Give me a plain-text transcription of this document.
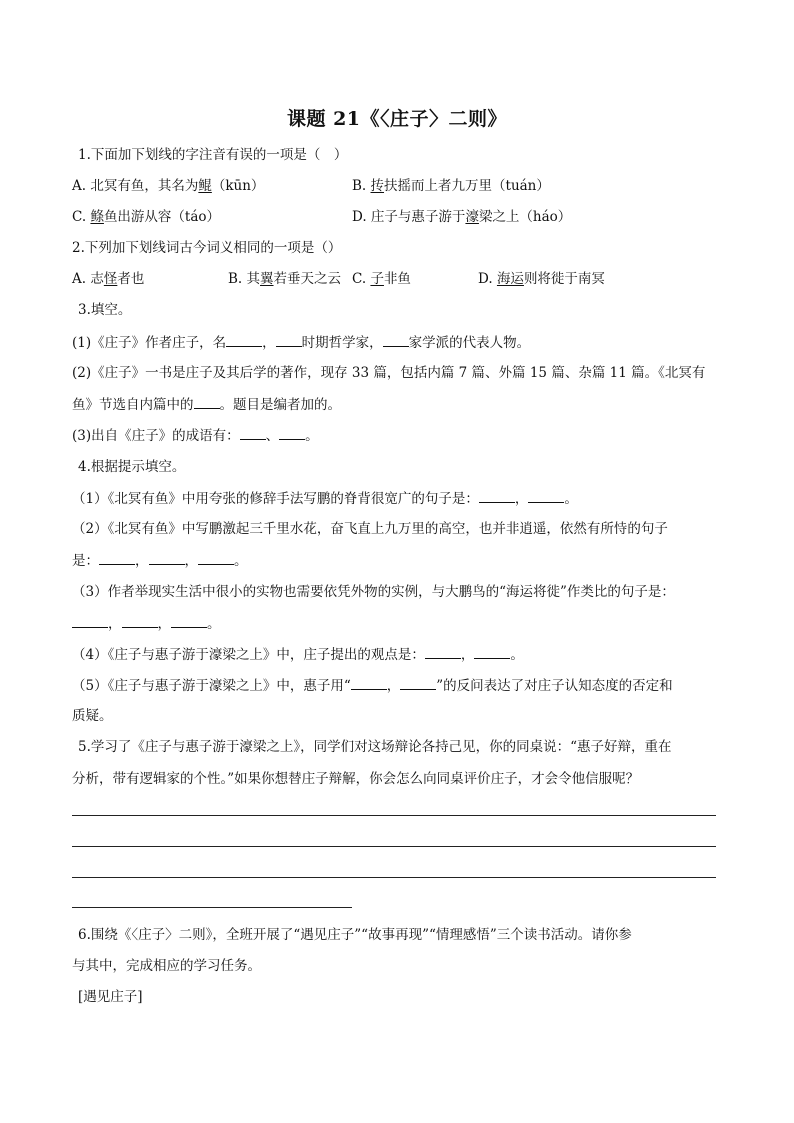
课题 21《〈庄子〉二则》
1.下面加下划线的字注音有误的一项是（　）
A. 北冥有鱼，其名为鲲（kūn）	B. 抟扶摇而上者九万里（tuán）
C. 鲦鱼出游从容（táo）	D. 庄子与惠子游于濠梁之上（háo）
2.下列加下划线词古今词义相同的一项是（）
A. 志怪者也	B. 其翼若垂天之云 C. 子非鱼	D. 海运则将徙于南冥
3.填空。
(1)《庄子》作者庄子，名	， 时期哲学家， 家学派的代表人物。
(2)《庄子》一书是庄子及其后学的著作，现存 33 篇，包括内篇 7 篇、外篇 15 篇、杂篇 11 篇。《北冥有
鱼》节选自内篇中的 。题目是编者加的。
(3)出自《庄子》的成语有： 、 。
4.根据提示填空。
（1）《北冥有鱼》中用夸张的修辞手法写鹏的脊背很宽广的句子是：	，	。
（2）《北冥有鱼》中写鹏激起三千里水花，奋飞直上九万里的高空，也并非逍遥，依然有所恃的句子
是：	，	，	。
（3）作者举现实生活中很小的实物也需要依凭外物的实例，与大鹏鸟的“海运将徙”作类比的句子是：
，	，	。
（4）《庄子与惠子游于濠梁之上》中，庄子提出的观点是：	，	。
（5）《庄子与惠子游于濠梁之上》中，惠子用“	，	”的反问表达了对庄子认知态度的否定和
质疑。
5.学习了《庄子与惠子游于濠梁之上》，同学们对这场辩论各持己见，你的同桌说：“惠子好辩，重在
分析，带有逻辑家的个性。”如果你想替庄子辩解，你会怎么向同桌评价庄子，才会令他信服呢？
6.围绕《〈庄子〉二则》，全班开展了“遇见庄子”“故事再现”“情理感悟”三个读书活动。请你参
与其中，完成相应的学习任务。
[遇见庄子]
